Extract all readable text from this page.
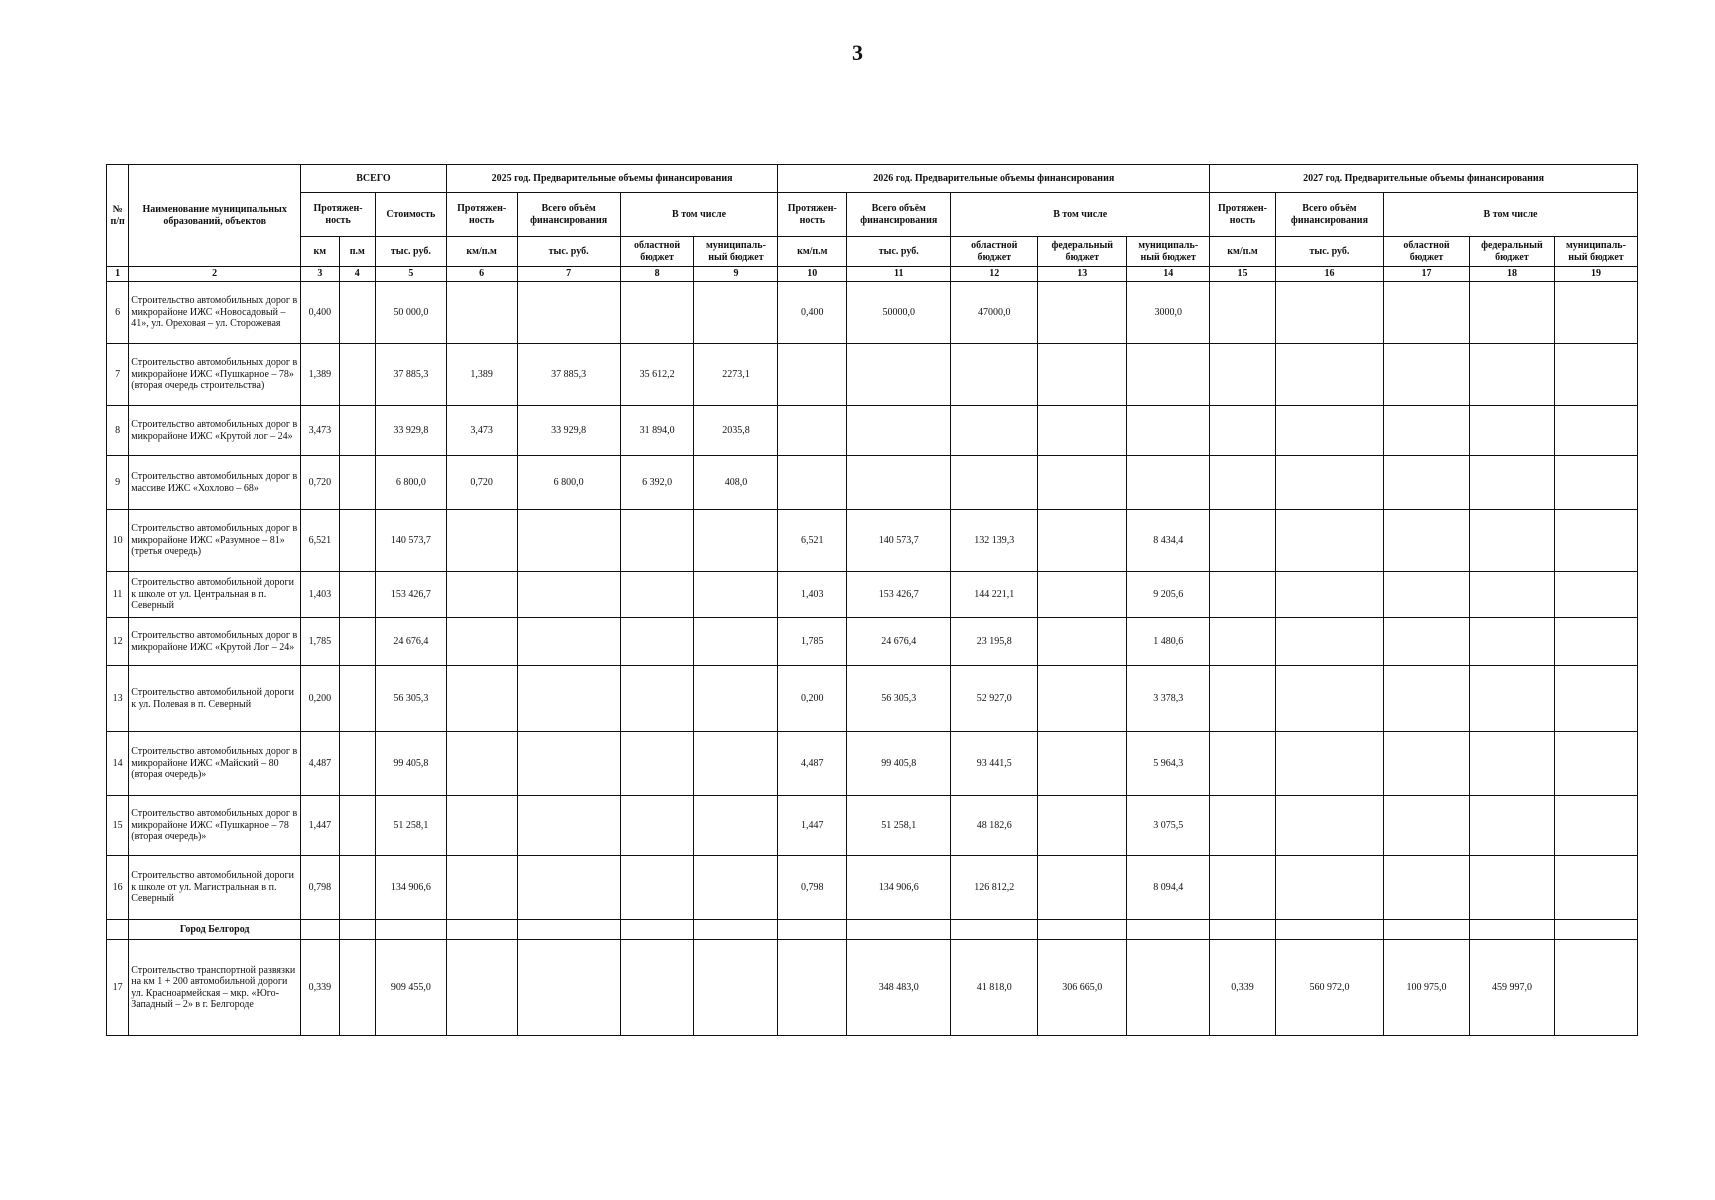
3
№ п/п	Наименование муниципальных образований, объектов	ВСЕГО			2025 год. Предварительные объемы финансирования				2026 год. Предварительные объемы финансирования					2027 год. Предварительные объемы финансирования				
		Протяжен-ность		Стоимость	Протяжен-ность	Всего объём финансирования	В том числе		Протяжен-ность	Всего объём финансирования	В том числе			Протяжен-ность	Всего объём финансирования	В том числе		
		км	п.м	тыс. руб.	км/п.м	тыс. руб.	областной бюджет	муниципаль-ный бюджет	км/п.м	тыс. руб.	областной бюджет	федеральный бюджет	муниципаль-ный бюджет	км/п.м	тыс. руб.	областной бюджет	федеральный бюджет	муниципаль-ный бюджет
1	2	3	4	5	6	7	8	9	10	11	12	13	14	15	16	17	18	19
6	Строительство автомобильных дорог в микрорайоне ИЖС «Новосадовый – 41», ул. Ореховая – ул. Сторожевая	0,400		50 000,0					0,400	50000,0	47000,0		3000,0					
7	Строительство автомобильных дорог в микрорайоне ИЖС «Пушкарное – 78» (вторая очередь строительства)	1,389		37 885,3	1,389	37 885,3	35 612,2	2273,1										
8	Строительство автомобильных дорог в микрорайоне ИЖС «Крутой лог – 24»	3,473		33 929,8	3,473	33 929,8	31 894,0	2035,8										
9	Строительство автомобильных дорог в массиве ИЖС «Хохлово – 68»	0,720		6 800,0	0,720	6 800,0	6 392,0	408,0										
10	Строительство автомобильных дорог в микрорайоне ИЖС «Разумное – 81» (третья очередь)	6,521		140 573,7					6,521	140 573,7	132 139,3		8 434,4					
11	Строительство автомобильной дороги к школе от ул. Центральная в п. Северный	1,403		153 426,7					1,403	153 426,7	144 221,1		9 205,6					
12	Строительство автомобильных дорог в микрорайоне ИЖС «Крутой Лог – 24»	1,785		24 676,4					1,785	24 676,4	23 195,8		1 480,6					
13	Строительство автомобильной дороги к ул. Полевая в п. Северный	0,200		56 305,3					0,200	56 305,3	52 927,0		3 378,3					
14	Строительство автомобильных дорог в микрорайоне ИЖС «Майский – 80 (вторая очередь)»	4,487		99 405,8					4,487	99 405,8	93 441,5		5 964,3					
15	Строительство автомобильных дорог в микрорайоне ИЖС «Пушкарное – 78 (вторая очередь)»	1,447		51 258,1					1,447	51 258,1	48 182,6		3 075,5					
16	Строительство автомобильной дороги к школе от ул. Магистральная в п. Северный	0,798		134 906,6					0,798	134 906,6	126 812,2		8 094,4					
	Город Белгород																	
17	Строительство транспортной развязки на км 1 + 200 автомобильной дороги ул. Красноармейская – мкр. «Юго-Западный – 2» в г. Белгороде	0,339		909 455,0						348 483,0	41 818,0	306 665,0		0,339	560 972,0	100 975,0	459 997,0	
